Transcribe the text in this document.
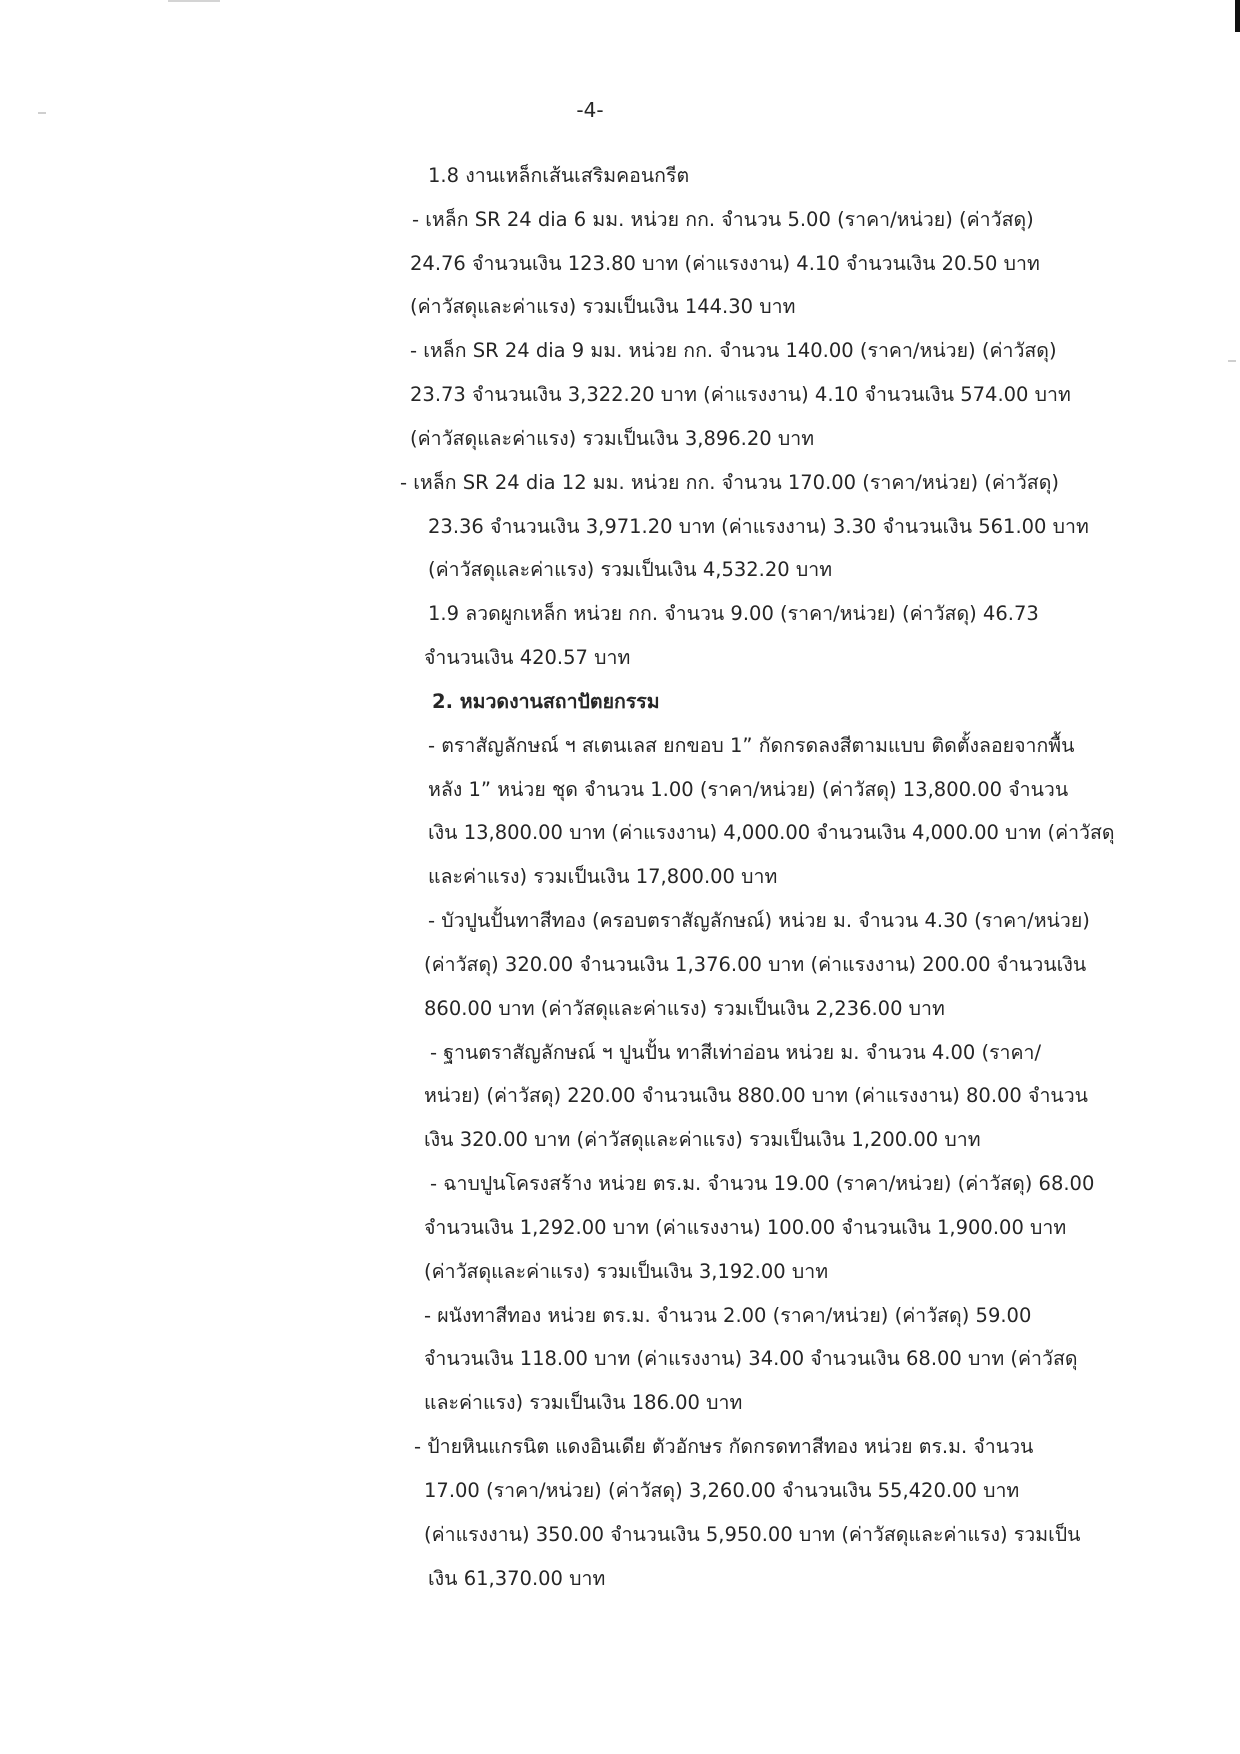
-4-
1.8 งานเหล็กเส้นเสริมคอนกรีต
- เหล็ก SR 24 dia 6 มม. หน่วย กก. จำนวน 5.00 (ราคา/หน่วย) (ค่าวัสดุ)
24.76 จำนวนเงิน 123.80 บาท (ค่าแรงงาน) 4.10 จำนวนเงิน 20.50 บาท
(ค่าวัสดุและค่าแรง) รวมเป็นเงิน 144.30 บาท
- เหล็ก SR 24 dia 9 มม. หน่วย กก. จำนวน 140.00 (ราคา/หน่วย) (ค่าวัสดุ)
23.73 จำนวนเงิน 3,322.20 บาท (ค่าแรงงาน) 4.10 จำนวนเงิน 574.00 บาท
(ค่าวัสดุและค่าแรง) รวมเป็นเงิน 3,896.20 บาท
- เหล็ก SR 24 dia 12 มม. หน่วย กก. จำนวน 170.00 (ราคา/หน่วย) (ค่าวัสดุ)
23.36 จำนวนเงิน 3,971.20 บาท (ค่าแรงงาน) 3.30 จำนวนเงิน 561.00 บาท
(ค่าวัสดุและค่าแรง) รวมเป็นเงิน 4,532.20 บาท
1.9 ลวดผูกเหล็ก หน่วย กก. จำนวน 9.00 (ราคา/หน่วย) (ค่าวัสดุ) 46.73
จำนวนเงิน 420.57 บาท
2. หมวดงานสถาปัตยกรรม
- ตราสัญลักษณ์ ฯ สเตนเลส ยกขอบ 1” กัดกรดลงสีตามแบบ ติดตั้งลอยจากพื้น
หลัง 1” หน่วย ชุด จำนวน 1.00 (ราคา/หน่วย) (ค่าวัสดุ) 13,800.00 จำนวน
เงิน 13,800.00 บาท (ค่าแรงงาน) 4,000.00 จำนวนเงิน 4,000.00 บาท (ค่าวัสดุ
และค่าแรง) รวมเป็นเงิน 17,800.00 บาท
- บัวปูนปั้นทาสีทอง (ครอบตราสัญลักษณ์) หน่วย ม. จำนวน 4.30 (ราคา/หน่วย)
(ค่าวัสดุ) 320.00 จำนวนเงิน 1,376.00 บาท (ค่าแรงงาน) 200.00 จำนวนเงิน
860.00 บาท (ค่าวัสดุและค่าแรง) รวมเป็นเงิน 2,236.00 บาท
- ฐานตราสัญลักษณ์ ฯ ปูนปั้น ทาสีเท่าอ่อน หน่วย ม. จำนวน 4.00 (ราคา/
หน่วย) (ค่าวัสดุ) 220.00 จำนวนเงิน 880.00 บาท (ค่าแรงงาน) 80.00 จำนวน
เงิน 320.00 บาท (ค่าวัสดุและค่าแรง) รวมเป็นเงิน 1,200.00 บาท
- ฉาบปูนโครงสร้าง หน่วย ตร.ม. จำนวน 19.00 (ราคา/หน่วย) (ค่าวัสดุ) 68.00
จำนวนเงิน 1,292.00 บาท (ค่าแรงงาน) 100.00 จำนวนเงิน 1,900.00 บาท
(ค่าวัสดุและค่าแรง) รวมเป็นเงิน 3,192.00 บาท
- ผนังทาสีทอง หน่วย ตร.ม. จำนวน 2.00 (ราคา/หน่วย) (ค่าวัสดุ) 59.00
จำนวนเงิน 118.00 บาท (ค่าแรงงาน) 34.00 จำนวนเงิน 68.00 บาท (ค่าวัสดุ
และค่าแรง) รวมเป็นเงิน 186.00 บาท
- ป้ายหินแกรนิต แดงอินเดีย ตัวอักษร กัดกรดทาสีทอง หน่วย ตร.ม. จำนวน
17.00 (ราคา/หน่วย) (ค่าวัสดุ) 3,260.00 จำนวนเงิน 55,420.00 บาท
(ค่าแรงงาน) 350.00 จำนวนเงิน 5,950.00 บาท (ค่าวัสดุและค่าแรง) รวมเป็น
เงิน 61,370.00 บาท
